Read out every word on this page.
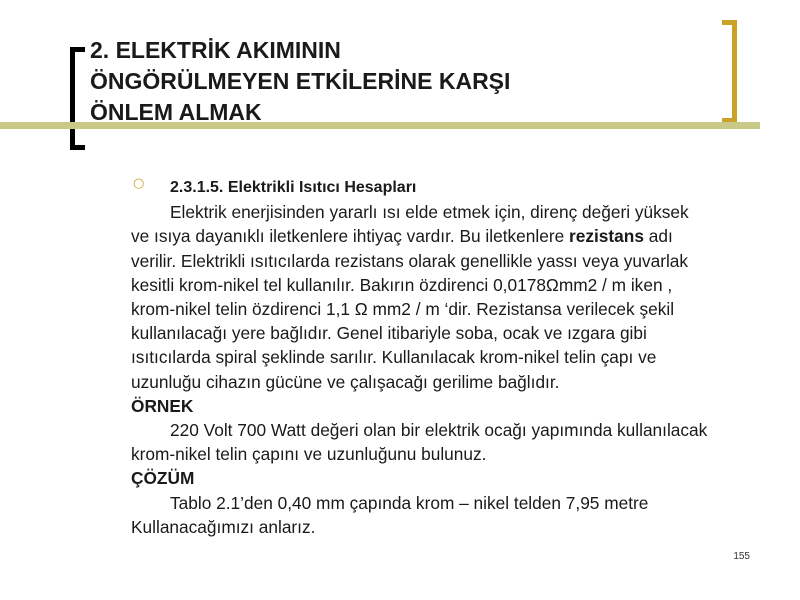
2. ELEKTRİK AKIMININ
ÖNGÖRÜLMEYEN ETKİLERİNE KARŞI
ÖNLEM ALMAK
○	2.3.1.5. Elektrikli Isıtıcı Hesapları

Elektrik enerjisinden yararlı ısı elde etmek için, direnç değeri yüksek ve ısıya dayanıklı iletkenlere ihtiyaç vardır. Bu iletkenlere rezistans adı verilir. Elektrikli ısıtıcılarda rezistans olarak genellikle yassı veya yuvarlak kesitli krom-nikel tel kullanılır. Bakırın özdirenci 0,0178Ωmm2 / m iken , krom-nikel telin özdirenci 1,1 Ω mm2 / m ‘dir. Rezistansa verilecek şekil kullanılacağı yere bağlıdır. Genel itibariyle soba, ocak ve ızgara gibi ısıtıcılarda spiral şeklinde sarılır. Kullanılacak krom-nikel telin çapı ve uzunluğu cihazın gücüne ve çalışacağı gerilime bağlıdır.

ÖRNEK

220 Volt 700 Watt değeri olan bir elektrik ocağı yapımında kullanılacak krom-nikel telin çapını ve uzunluğunu bulunuz.

ÇÖZÜM

Tablo 2.1’den 0,40 mm çapında krom – nikel telden 7,95 metre Kullanacağımızı anlarız.

155
